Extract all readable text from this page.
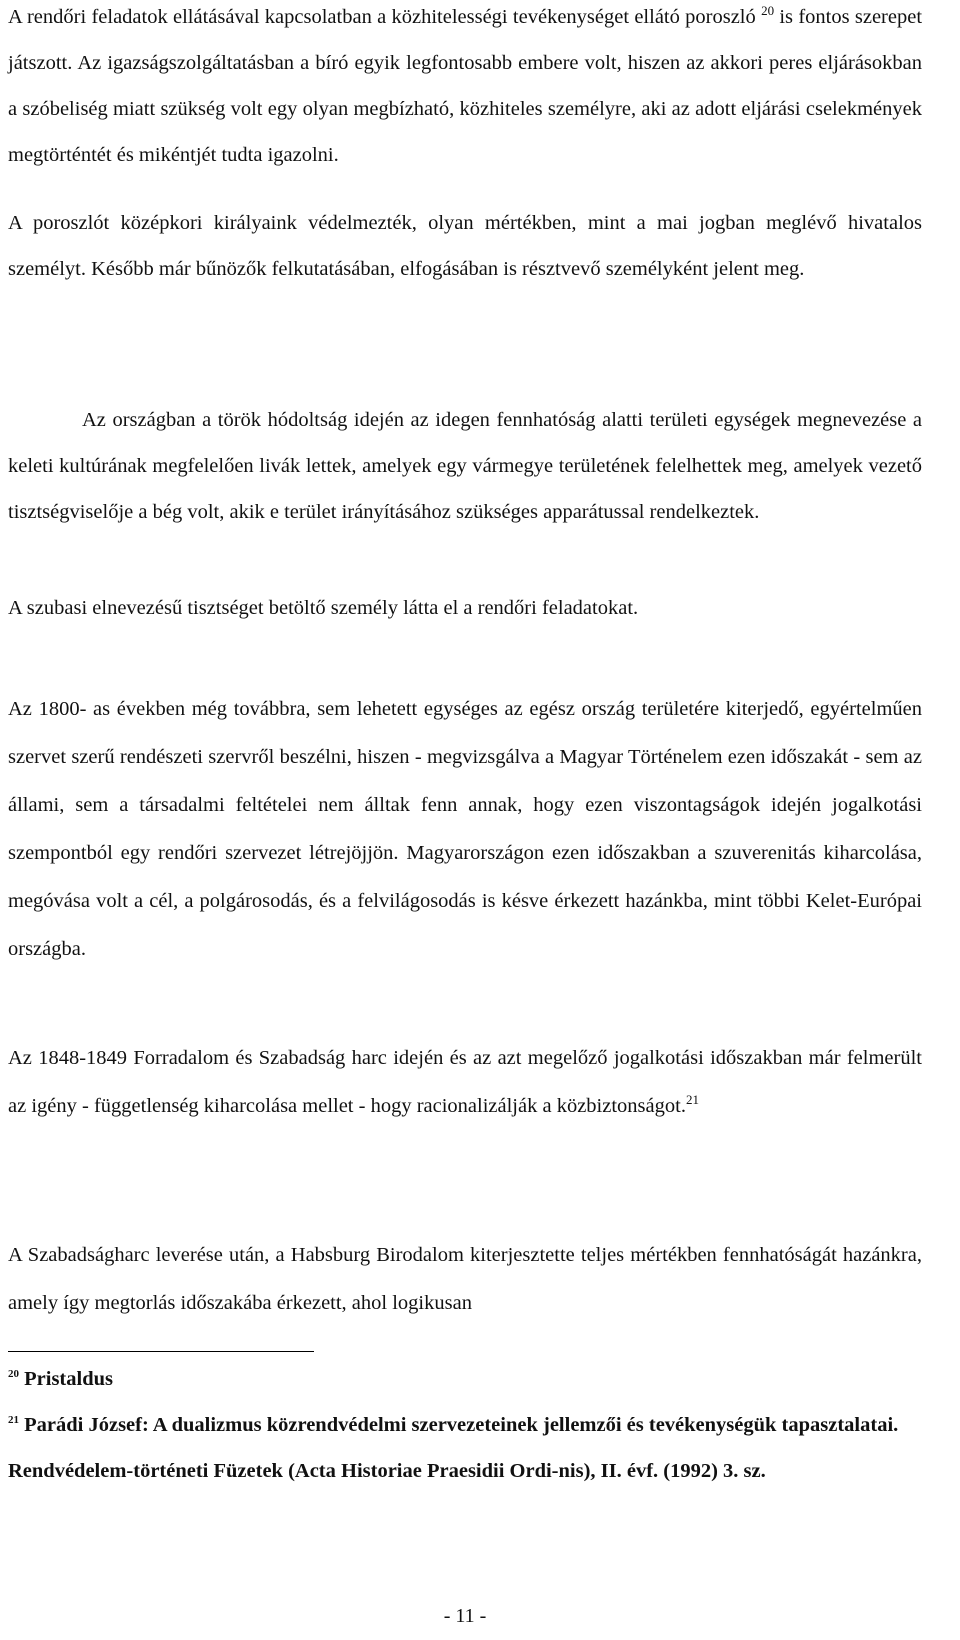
A rendőri feladatok ellátásával kapcsolatban a közhitelességi tevékenységet ellátó poroszló $^{20}$ is fontos szerepet játszott. Az igazságszolgáltatásban a bíró egyik legfontosabb embere volt, hiszen az akkori peres eljárásokban a szóbeliség miatt szükség volt egy olyan megbízható, közhiteles személyre, aki az adott eljárási cselekmények megtörténtét és mikéntjét tudta igazolni.

A poroszlót középkori királyaink védelmezték, olyan mértékben, mint a mai jogban meglévő hivatalos személyt. Később már bűnözők felkutatásában, elfogásában is résztvevő személyként jelent meg.

Az országban a török hódoltság idején az idegen fennhatóság alatti területi egységek megnevezése a keleti kultúrának megfelelően livák lettek, amelyek egy vármegye területének felelhettek meg, amelyek vezető tisztségviselője a bég volt, akik e terület irányításához szükséges apparátussal rendelkeztek.

A szubasi elnevezésű tisztséget betöltő személy látta el a rendőri feladatokat.

Az 1800- as években még továbbra, sem lehetett egységes az egész ország területére kiterjedő, egyértelműen szervet szerű rendészeti szervről beszélni, hiszen - megvizsgálva a Magyar Történelem ezen időszakát - sem az állami, sem a társadalmi feltételei nem álltak fenn annak, hogy ezen viszontagságok idején jogalkotási szempontból egy rendőri szervezet létrejöjjön. Magyarországon ezen időszakban a szuverenitás kiharcolása, megóvása volt a cél, a polgárosodás, és a felvilágosodás is késve érkezett hazánkba, mint többi Kelet-Európai országba.

Az 1848-1849 Forradalom és Szabadság harc idején és az azt megelőző jogalkotási időszakban már felmerült az igény - függetlenség kiharcolása mellet - hogy racionalizálják a közbiztonságot.$^{21}$

A Szabadságharc leverése után, a Habsburg Birodalom kiterjesztette teljes mértékben fennhatóságát hazánkra, amely így megtorlás időszakába érkezett, ahol logikusan

$^{20}$ Pristaldus

$^{21}$ Parádi József: A dualizmus közrendvédelmi szervezeteinek jellemzői és tevékenységük tapasztalatai. Rendvédelem-történeti Füzetek (Acta Historiae Praesidii Ordi-nis), II. évf. (1992) 3. sz.

- 11 -
